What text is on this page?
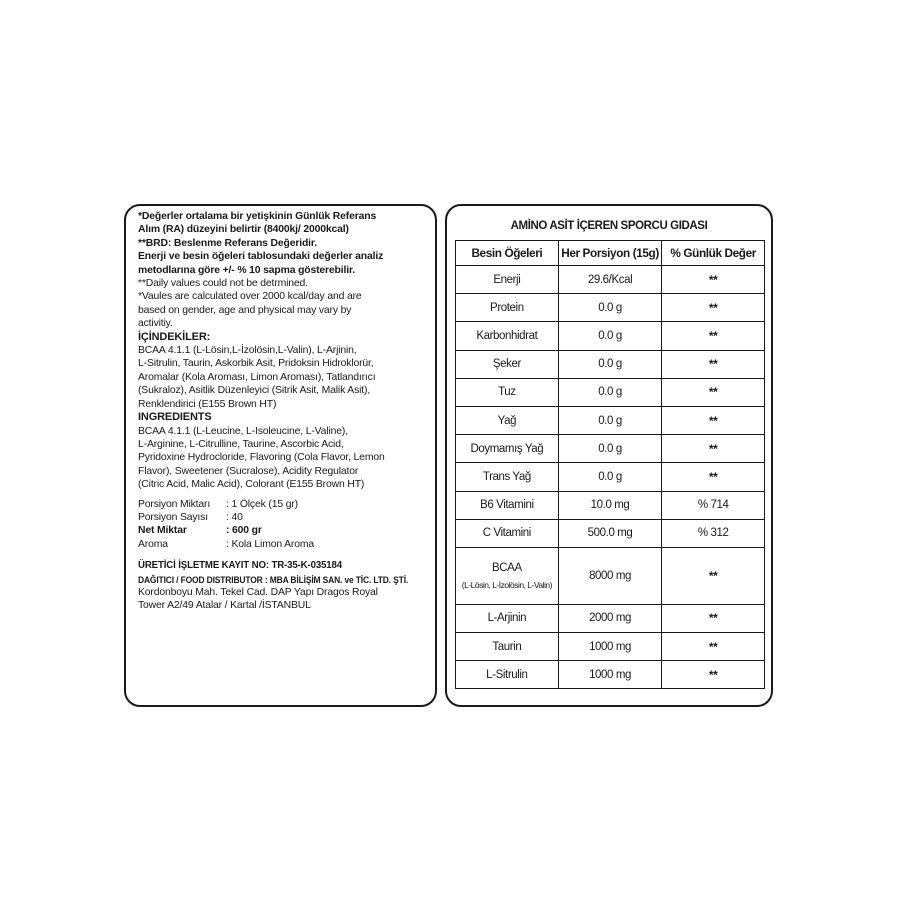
*Değerler ortalama bir yetişkinin Günlük Referans
Alım (RA) düzeyini belirtir (8400kj/ 2000kcal)
**BRD: Beslenme Referans Değeridir.
Enerji ve besin öğeleri tablosundaki değerler analiz
metodlarına göre +/- % 10 sapma gösterebilir.
**Daily values could not be detrmined.
*Vaules are calculated over 2000 kcal/day and are
based on gender, age and physical may vary by
activitiy.
İÇİNDEKİLER:
BCAA 4.1.1 (L-Lösin,L-İzolösin,L-Valin), L-Arjinin,
L-Sitrulin, Taurin, Askorbik Asit, Pridoksin Hidroklorür,
Aromalar (Kola Aroması, Limon Aroması), Tatlandırıcı
(Sukraloz), Asitlik Düzenleyici (Sitrik Asit, Malik Asit),
Renklendirici (E155 Brown HT)
INGREDIENTS
BCAA 4.1.1 (L-Leucine, L-Isoleucine, L-Valine),
L-Arginine, L-Citrulline, Taurine, Ascorbic Acid,
Pyridoxine Hydrocloride, Flavoring (Cola Flavor, Lemon
Flavor), Sweetener (Sucralose), Acidity Regulator
(Citric Acid, Malic Acid), Colorant (E155 Brown HT)
Porsiyon Miktarı	: 1 Ölçek (15 gr)
Porsiyon Sayısı	: 40
Net Miktar	: 600 gr
Aroma	: Kola Limon Aroma
ÜRETİCİ İŞLETME KAYIT NO: TR-35-K-035184
DAĞITICI / FOOD DISTRIBUTOR : MBA BİLİŞİM SAN. ve TİC. LTD. ŞTİ.
Kordonboyu Mah. Tekel Cad. DAP Yapı Dragos Royal
Tower A2/49 Atalar / Kartal /İSTANBUL
AMİNO ASİT İÇEREN SPORCU GIDASI
Besin Öğeleri	Her Porsiyon (15g)	% Günlük Değer
Enerji	29.6/Kcal	**
Protein	0.0 g	**
Karbonhidrat	0.0 g	**
Şeker	0.0 g	**
Tuz	0.0 g	**
Yağ	0.0 g	**
Doymamış Yağ	0.0 g	**
Trans Yağ	0.0 g	**
B6 Vitamini	10.0 mg	% 714
C Vitamini	500.0 mg	% 312
BCAA
(L-Lösin, L-İzolösin, L-Valin)	8000 mg	**
L-Arjinin	2000 mg	**
Taurin	1000 mg	**
L-Sitrulin	1000 mg	**
